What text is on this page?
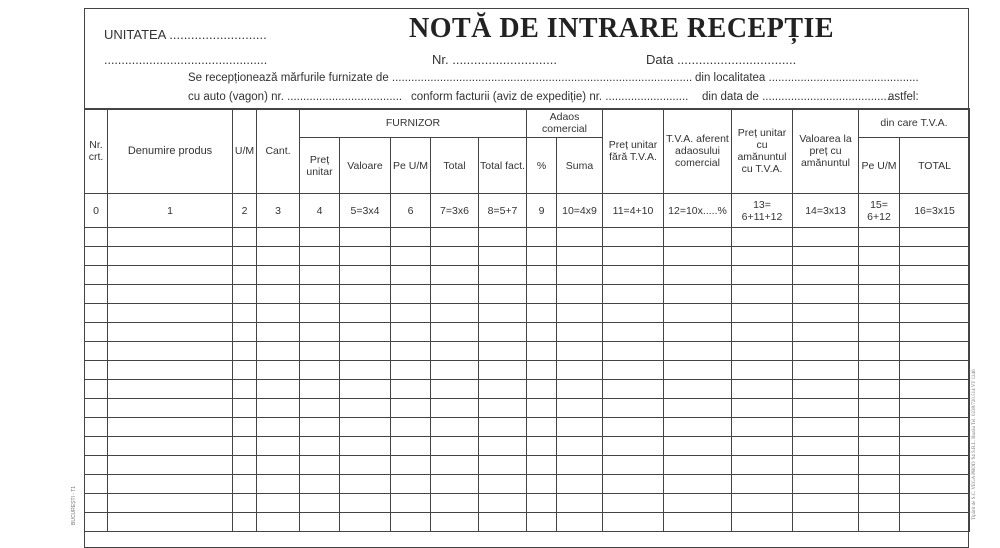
UNITATEA ...........................
...............................................
NOTĂ DE INTRARE RECEPȚIE
Nr. .............................	Data .................................
Se recepționează mărfurile furnizate de .............................................................................................. din localitatea ...............................................
cu auto (vagon) nr. .................................... conform facturii (aviz de expediție) nr. .......................... din data de .........................................
astfel:
Nr. crt.	Denumire produs	U/M	Cant.	FURNIZOR					Adaos comercial		Preț unitar fără T.V.A.	T.V.A. aferent adaosului comercial	Preț unitar cu amănuntul cu T.V.A.	Valoarea la preț cu amănuntul	din care T.V.A.	
				Preț unitar	Valoare	Pe U/M	Total	Total fact.	%	Suma					Pe U/M	TOTAL
0	1	2	3	4	5=3x4	6	7=3x6	8=5+7	9	10=4x9	11=4+10	12=10x.....%	13= 6+11+12	14=3x13	15= 6+12	16=3x15

Tipărit de S.C. VEGA PROD '94 S.R.L. Buzău Tel. 0238/720.514 VT 1246
BUCUREȘTI - T1
